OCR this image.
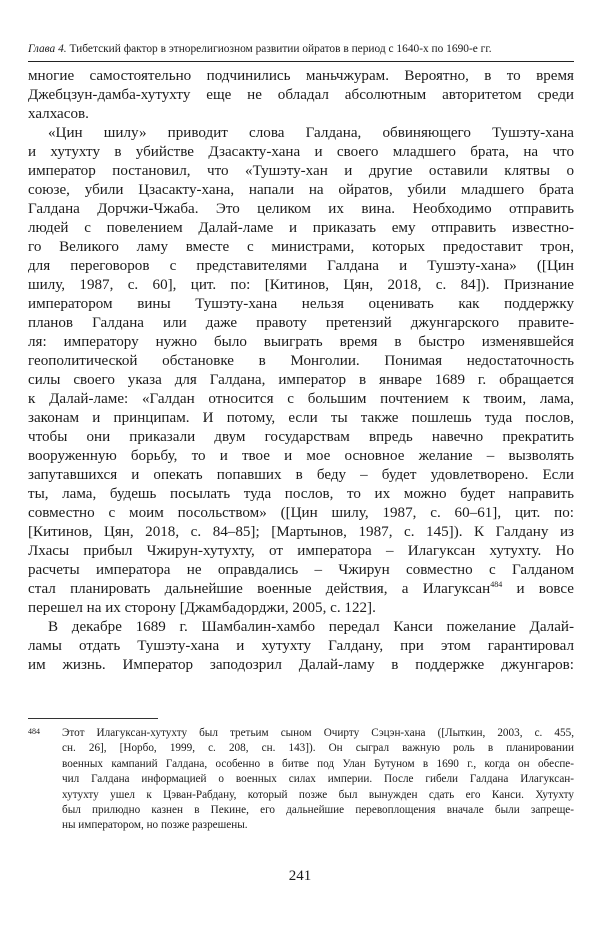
Глава 4. Тибетский фактор в этнорелигиозном развитии ойратов в период с 1640-х по 1690-е гг.
многие самостоятельно подчинились маньчжурам. Вероятно, в то время
Джебцзун-дамба-хутухту еще не обладал абсолютным авторитетом среди
халхасов.
«Цин шилу» приводит слова Галдана, обвиняющего Тушэту-хана
и хутухту в убийстве Дзасакту-хана и своего младшего брата, на что
император постановил, что «Тушэту-хан и другие оставили клятвы о
союзе, убили Цзасакту-хана, напали на ойратов, убили младшего брата
Галдана Дорчжи-Чжаба. Это целиком их вина. Необходимо отправить
людей с повелением Далай-ламе и приказать ему отправить известно-
го Великого ламу вместе с министрами, которых предоставит трон,
для переговоров с представителями Галдана и Тушэту-хана» ([Цин
шилу, 1987, с. 60], цит. по: [Китинов, Цян, 2018, с. 84]). Признание
императором вины Тушэту-хана нельзя оценивать как поддержку
планов Галдана или даже правоту претензий джунгарского правите-
ля: императору нужно было выиграть время в быстро изменявшейся
геополитической обстановке в Монголии. Понимая недостаточность
силы своего указа для Галдана, император в январе 1689 г. обращается
к Далай-ламе: «Галдан относится с большим почтением к твоим, лама,
законам и принципам. И потому, если ты также пошлешь туда послов,
чтобы они приказали двум государствам впредь навечно прекратить
вооруженную борьбу, то и твое и мое основное желание – вызволять
запутавшихся и опекать попавших в беду – будет удовлетворено. Если
ты, лама, будешь посылать туда послов, то их можно будет направить
совместно с моим посольством» ([Цин шилу, 1987, с. 60–61], цит. по:
[Китинов, Цян, 2018, с. 84–85]; [Мартынов, 1987, с. 145]). К Галдану из
Лхасы прибыл Чжирун-хутухту, от императора – Илагуксан хутухту. Но
расчеты императора не оправдались – Чжирун совместно с Галданом
стал планировать дальнейшие военные действия, а Илагуксан$^{484}$ и вовсе
перешел на их сторону [Джамбадорджи, 2005, с. 122].
В декабре 1689 г. Шамбалин-хамбо передал Канси пожелание Далай-
ламы отдать Тушэту-хана и хутухту Галдану, при этом гарантировал
им жизнь. Император заподозрил Далай-ламу в поддержке джунгаров:
484 Этот Илагуксан-хутухту был третьим сыном Очирту Сэцэн-хана ([Лыткин, 2003, с. 455,
сн. 26], [Норбо, 1999, с. 208, сн. 143]). Он сыграл важную роль в планировании
военных кампаний Галдана, особенно в битве под Улан Бутуном в 1690 г., когда он обеспе-
чил Галдана информацией о военных силах империи. После гибели Галдана Илагуксан-
хутухту ушел к Цэван-Рабдану, который позже был вынужден сдать его Канси. Хутухту
был прилюдно казнен в Пекине, его дальнейшие перевоплощения вначале были запреще-
ны императором, но позже разрешены.
241
